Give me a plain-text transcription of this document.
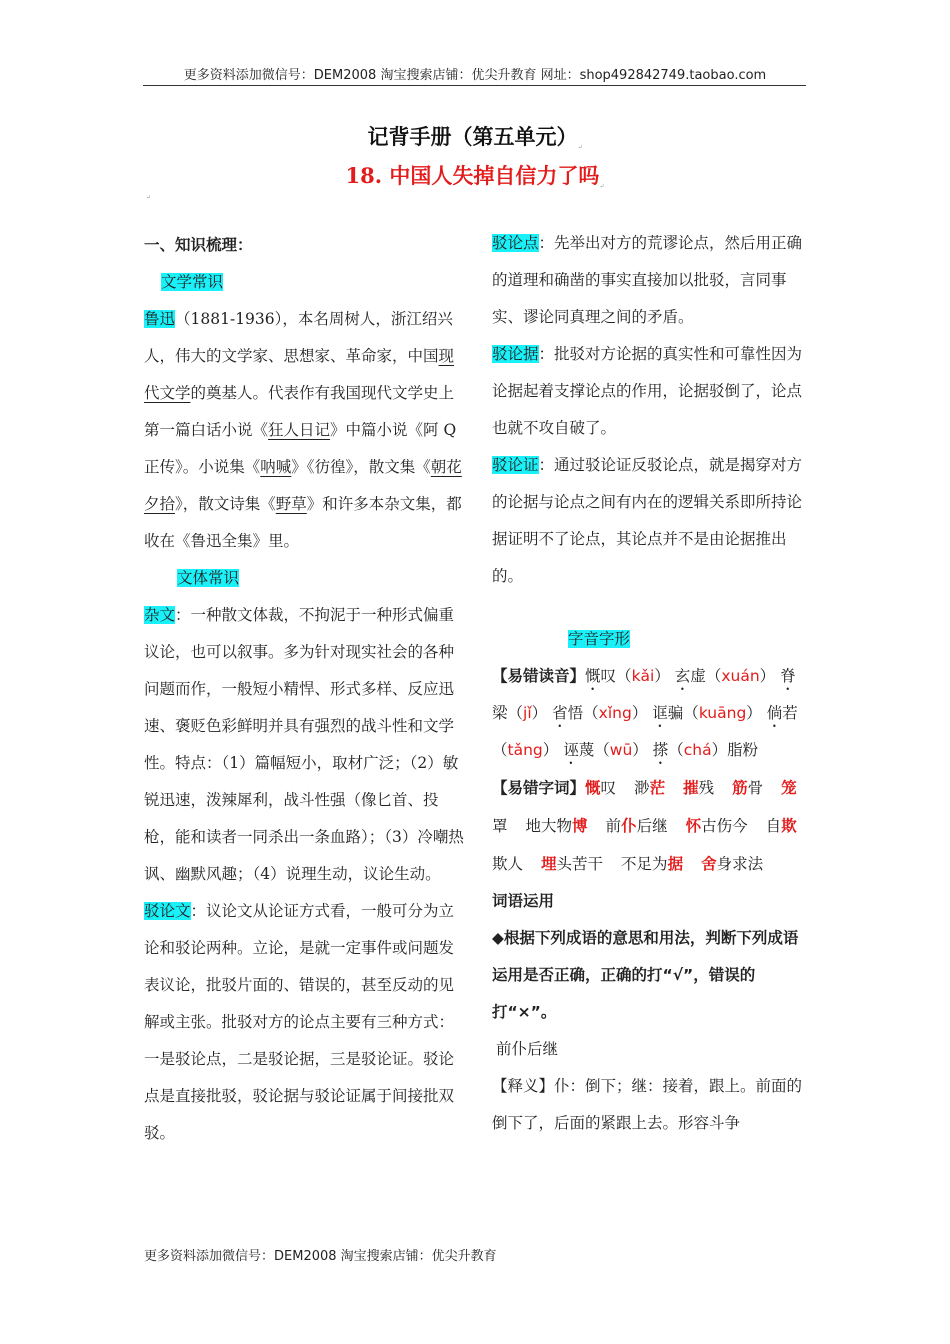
更多资料添加微信号：DEM2008 淘宝搜索店铺：优尖升教育 网址：shop492842749.taobao.com
记背手册（第五单元）↵
18. 中国人失掉自信力了吗↵
↵
一、知识梳理：
文学常识
鲁迅（1881-1936），本名周树人，浙江绍兴人，伟大的文学家、思想家、革命家，中国现代文学的奠基人。代表作有我国现代文学史上第一篇白话小说《狂人日记》中篇小说《阿 Q 正传》。小说集《呐喊》《彷徨》，散文集《朝花夕拾》，散文诗集《野草》和许多本杂文集，都收在《鲁迅全集》里。
文体常识
杂文：一种散文体裁，不拘泥于一种形式偏重议论，也可以叙事。多为针对现实社会的各种问题而作，一般短小精悍、形式多样、反应迅速、褒贬色彩鲜明并具有强烈的战斗性和文学性。特点：（1）篇幅短小，取材广泛；（2）敏锐迅速，泼辣犀利，战斗性强（像匕首、投枪，能和读者一同杀出一条血路）；（3）冷嘲热讽、幽默风趣；（4）说理生动，议论生动。
驳论文：议论文从论证方式看，一般可分为立论和驳论两种。立论，是就一定事件或问题发表议论，批驳片面的、错误的，甚至反动的见解或主张。批驳对方的论点主要有三种方式：一是驳论点，二是驳论据，三是驳论证。驳论点是直接批驳，驳论据与驳论证属于间接批双驳。
驳论点：先举出对方的荒谬论点，然后用正确的道理和确凿的事实直接加以批驳，言同事实、谬论同真理之间的矛盾。
驳论据：批驳对方论据的真实性和可靠性因为论据起着支撑论点的作用，论据驳倒了，论点也就不攻自破了。
驳论证：通过驳论证反驳论点，就是揭穿对方的论据与论点之间有内在的逻辑关系即所持论据证明不了论点，其论点并不是由论据推出的。
字音字形
【易错读音】慨叹（kǎi） 玄虚（xuán） 脊梁（jǐ） 省悟（xǐng） 诓骗（kuāng） 倘若（tǎng） 诬蔑（wū） 搽（chá）脂粉
【易错字词】慨叹 渺茫 摧残 筋骨 笼罩 地大物博 前仆后继 怀古伤今 自欺欺人 埋头苦干 不足为据 舍身求法
词语运用
◆根据下列成语的意思和用法，判断下列成语运用是否正确，正确的打“√”，错误的打“×”。
前仆后继
【释义】仆：倒下；继：接着，跟上。前面的倒下了，后面的紧跟上去。形容斗争
更多资料添加微信号：DEM2008 淘宝搜索店铺：优尖升教育
